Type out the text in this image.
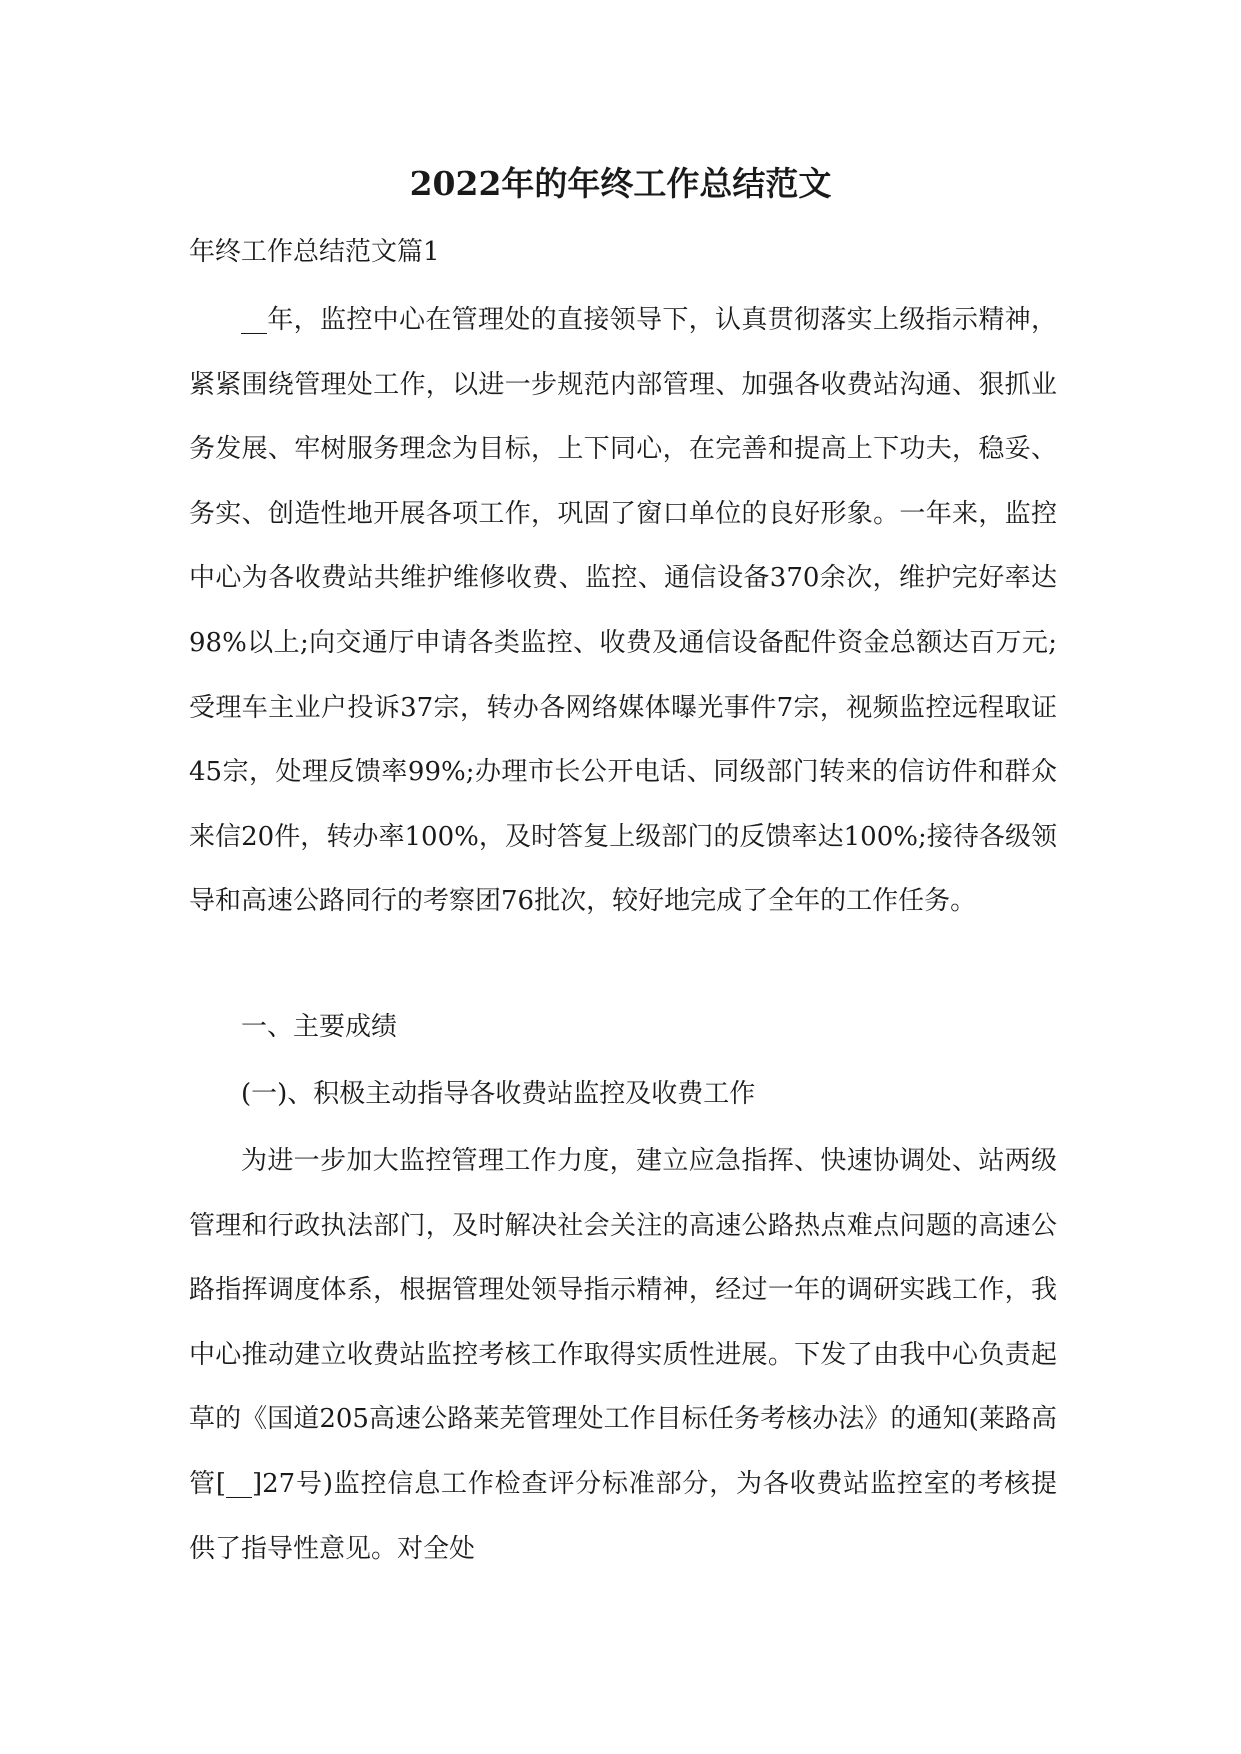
2022年的年终工作总结范文

年终工作总结范文篇1

__年，监控中心在管理处的直接领导下，认真贯彻落实上级指示精神，紧紧围绕管理处工作，以进一步规范内部管理、加强各收费站沟通、狠抓业务发展、牢树服务理念为目标，上下同心，在完善和提高上下功夫，稳妥、务实、创造性地开展各项工作，巩固了窗口单位的良好形象。一年来，监控中心为各收费站共维护维修收费、监控、通信设备370余次，维护完好率达98%以上;向交通厅申请各类监控、收费及通信设备配件资金总额达百万元;受理车主业户投诉37宗，转办各网络媒体曝光事件7宗，视频监控远程取证45宗，处理反馈率99%;办理市长公开电话、同级部门转来的信访件和群众来信20件，转办率100%，及时答复上级部门的反馈率达100%;接待各级领导和高速公路同行的考察团76批次，较好地完成了全年的工作任务。

一、主要成绩

(一)、积极主动指导各收费站监控及收费工作

为进一步加大监控管理工作力度，建立应急指挥、快速协调处、站两级管理和行政执法部门，及时解决社会关注的高速公路热点难点问题的高速公路指挥调度体系，根据管理处领导指示精神，经过一年的调研实践工作，我中心推动建立收费站监控考核工作取得实质性进展。下发了由我中心负责起草的《国道205高速公路莱芜管理处工作目标任务考核办法》的通知(莱路高管[__]27号)监控信息工作检查评分标准部分，为各收费站监控室的考核提供了指导性意见。对全处
